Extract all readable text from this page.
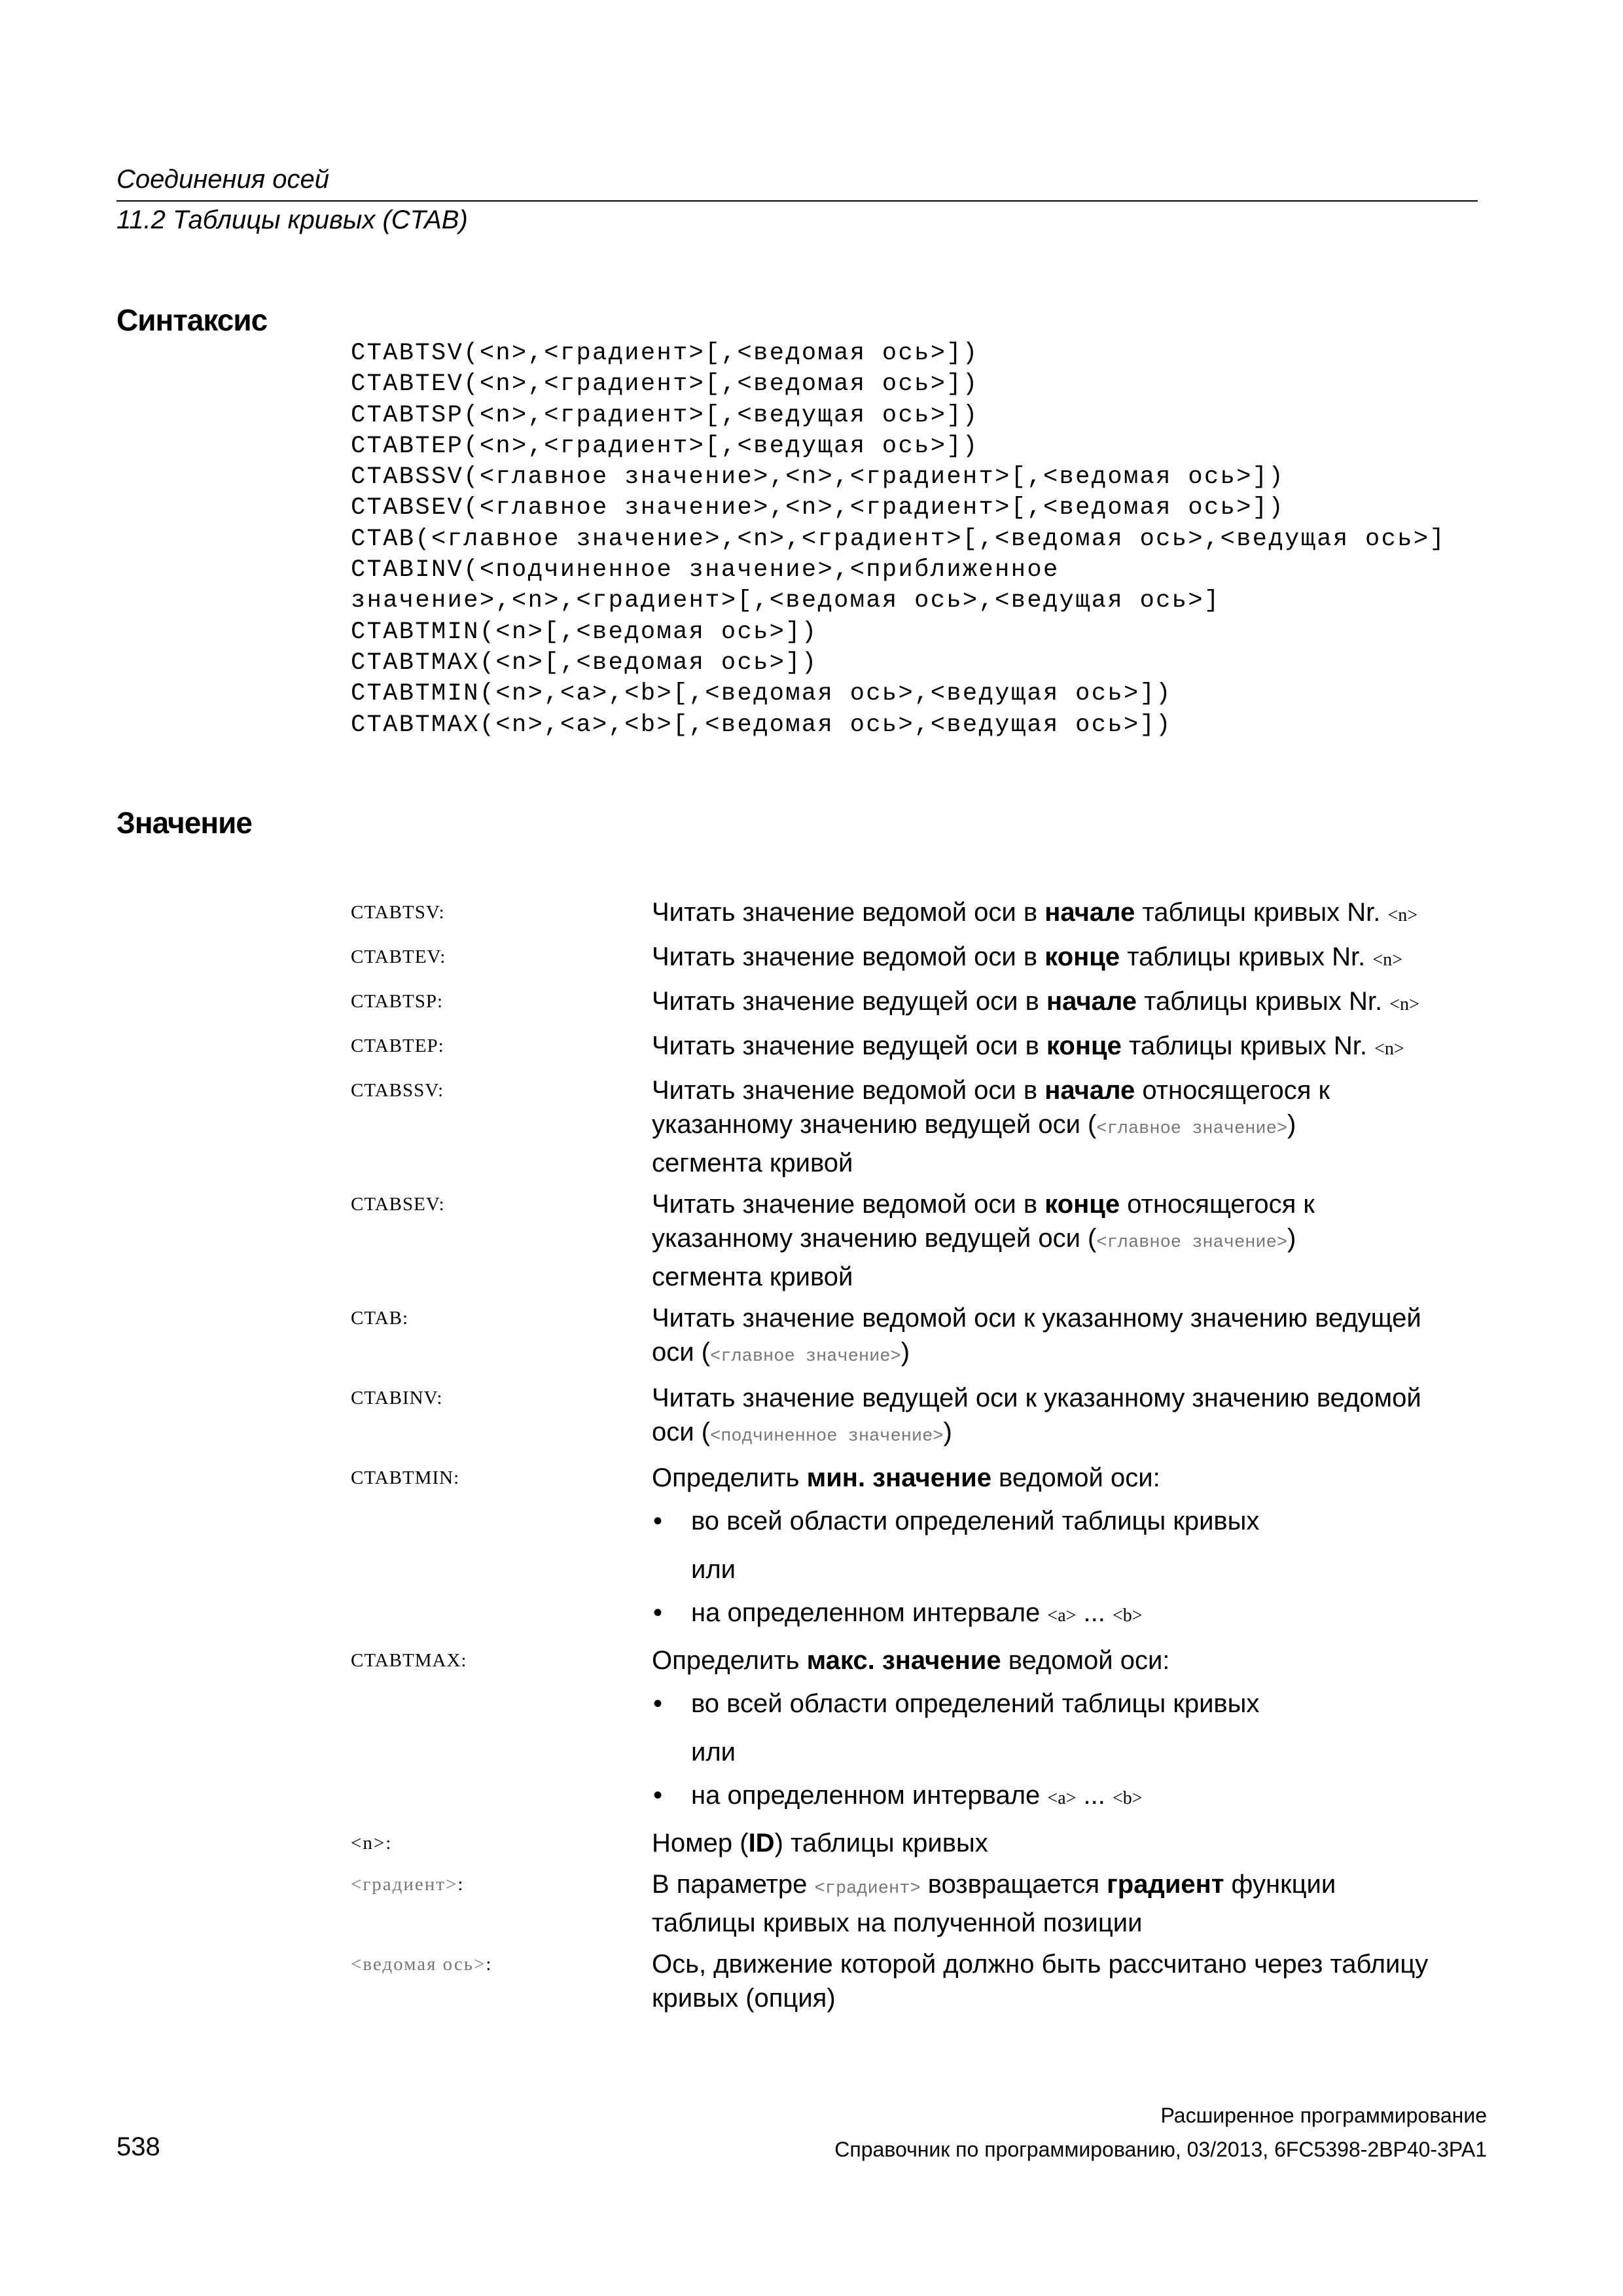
Соединения осей
11.2 Таблицы кривых (CTAB)
Синтаксис
CTABTSV(<n>,<градиент>[,<ведомая ось>])
CTABTEV(<n>,<градиент>[,<ведомая ось>])
CTABTSP(<n>,<градиент>[,<ведущая ось>])
CTABTEP(<n>,<градиент>[,<ведущая ось>])
CTABSSV(<главное значение>,<n>,<градиент>[,<ведомая ось>])
CTABSEV(<главное значение>,<n>,<градиент>[,<ведомая ось>])
CTAB(<главное значение>,<n>,<градиент>[,<ведомая ось>,<ведущая ось>]
CTABINV(<подчиненное значение>,<приближенное
значение>,<n>,<градиент>[,<ведомая ось>,<ведущая ось>]
CTABTMIN(<n>[,<ведомая ось>])
CTABTMAX(<n>[,<ведомая ось>])
CTABTMIN(<n>,<a>,<b>[,<ведомая ось>,<ведущая ось>])
CTABTMAX(<n>,<a>,<b>[,<ведомая ось>,<ведущая ось>])
Значение
CTABTSV:	Читать значение ведомой оси в начале таблицы кривых Nr. <n>
CTABTEV:	Читать значение ведомой оси в конце таблицы кривых Nr. <n>
CTABTSP:	Читать значение ведущей оси в начале таблицы кривых Nr. <n>
CTABTEP:	Читать значение ведущей оси в конце таблицы кривых Nr. <n>
CTABSSV:	Читать значение ведомой оси в начале относящегося к
указанному значению ведущей оси (<главное значение>)
сегмента кривой
CTABSEV:	Читать значение ведомой оси в конце относящегося к
указанному значению ведущей оси (<главное значение>)
сегмента кривой
CTAB:	Читать значение ведомой оси к указанному значению ведущей
оси (<главное значение>)
CTABINV:	Читать значение ведущей оси к указанному значению ведомой
оси (<подчиненное значение>)
CTABTMIN:	Определить мин. значение ведомой оси:
• во всей области определений таблицы кривых
или
• на определенном интервале <a> ... <b>
CTABTMAX:	Определить макс. значение ведомой оси:
• во всей области определений таблицы кривых
или
• на определенном интервале <a> ... <b>
<n>:	Номер (ID) таблицы кривых
<градиент>:	В параметре <градиент> возвращается градиент функции
таблицы кривых на полученной позиции
<ведомая ось>:	Ось, движение которой должно быть рассчитано через таблицу
кривых (опция)
Расширенное программирование
538	Справочник по программированию, 03/2013, 6FC5398-2BP40-3PA1
